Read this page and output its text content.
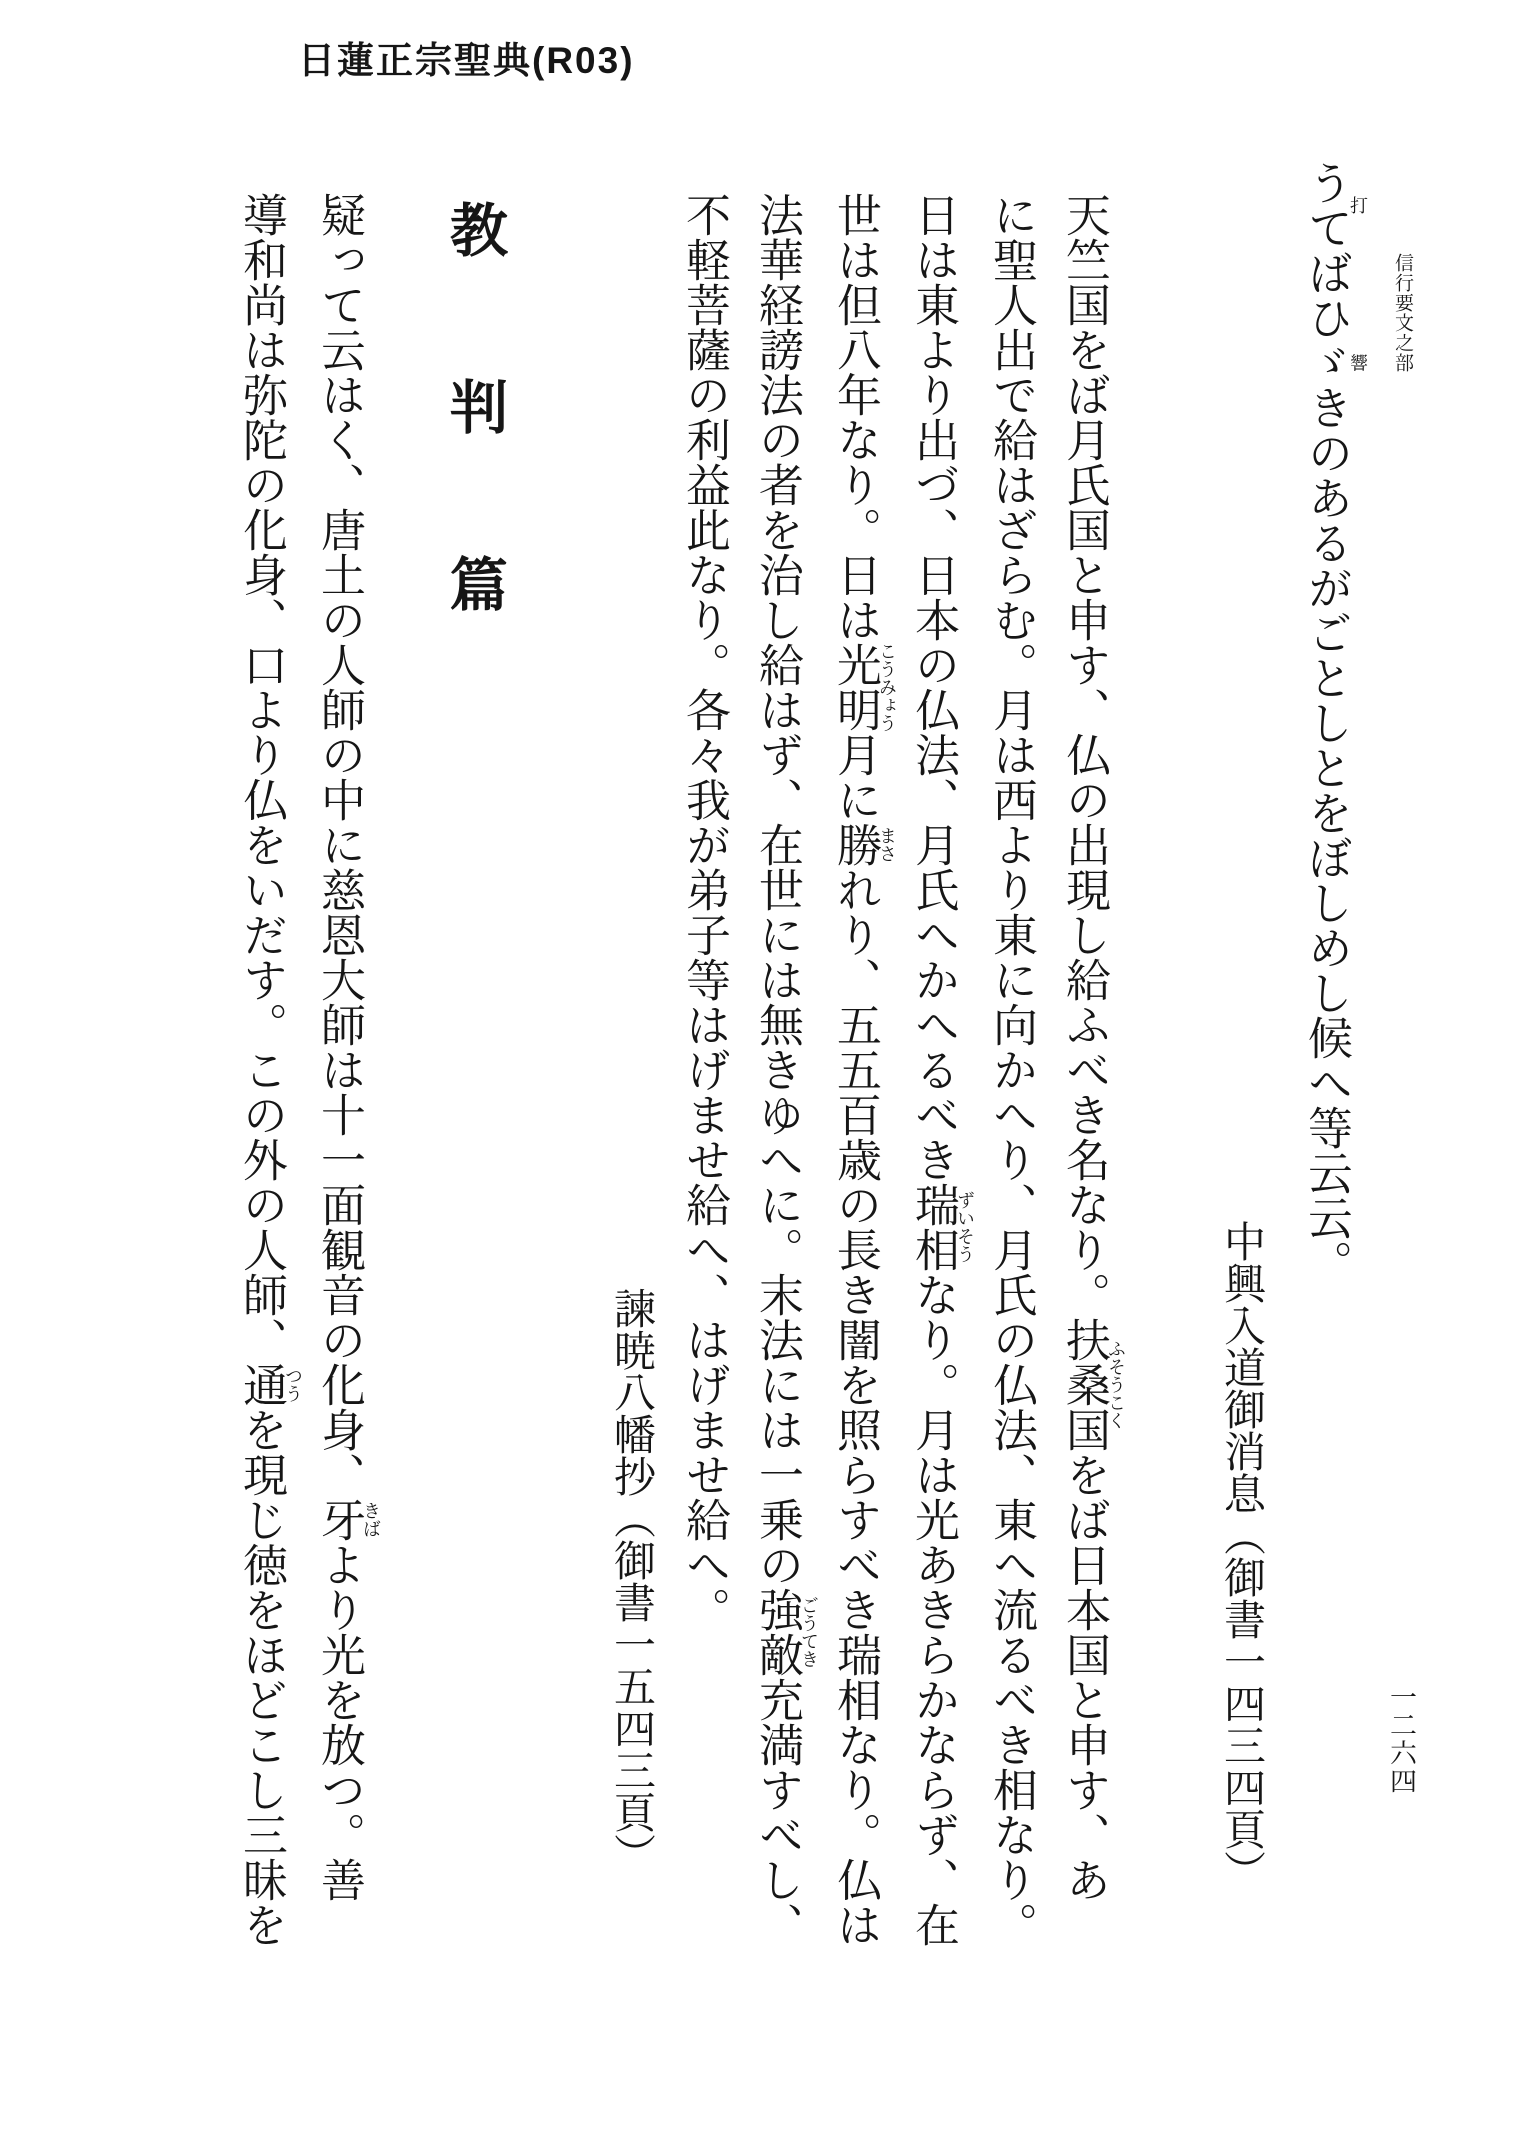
日蓮正宗聖典(R03)
信行要文之部
うて打ばひゞき響のあるがごとしとをぼしめし候へ等云云。
中興入道御消息（御書一四三四頁）
天竺国をば月氏国と申す、仏の出現し給ふべき名なり。扶桑国ふそうこくをば日本国と申す、あ
に聖人出で給はざらむ。月は西より東に向かへり、月氏の仏法、東へ流るべき相なり。
日は東より出づ、日本の仏法、月氏へかへるべき瑞相ずいそうなり。月は光あきらかならず、在
世は但八年なり。日は光明こうみょう月に勝まされり、五五百歳の長き闇を照らすべき瑞相なり。仏は
法華経謗法の者を治し給はず、在世には無きゆへに。末法には一乗の強敵ごうてき充満すべし、
不軽菩薩の利益此なり。各々我が弟子等はげませ給へ、はげませ給へ。
諫暁八幡抄（御書一五四三頁）
教判篇
疑って云はく、唐土の人師の中に慈恩大師は十一面観音の化身、牙きばより光を放つ。善
導和尚は弥陀の化身、口より仏をいだす。この外の人師、通つうを現じ徳をほどこし三昧を	一二六四
